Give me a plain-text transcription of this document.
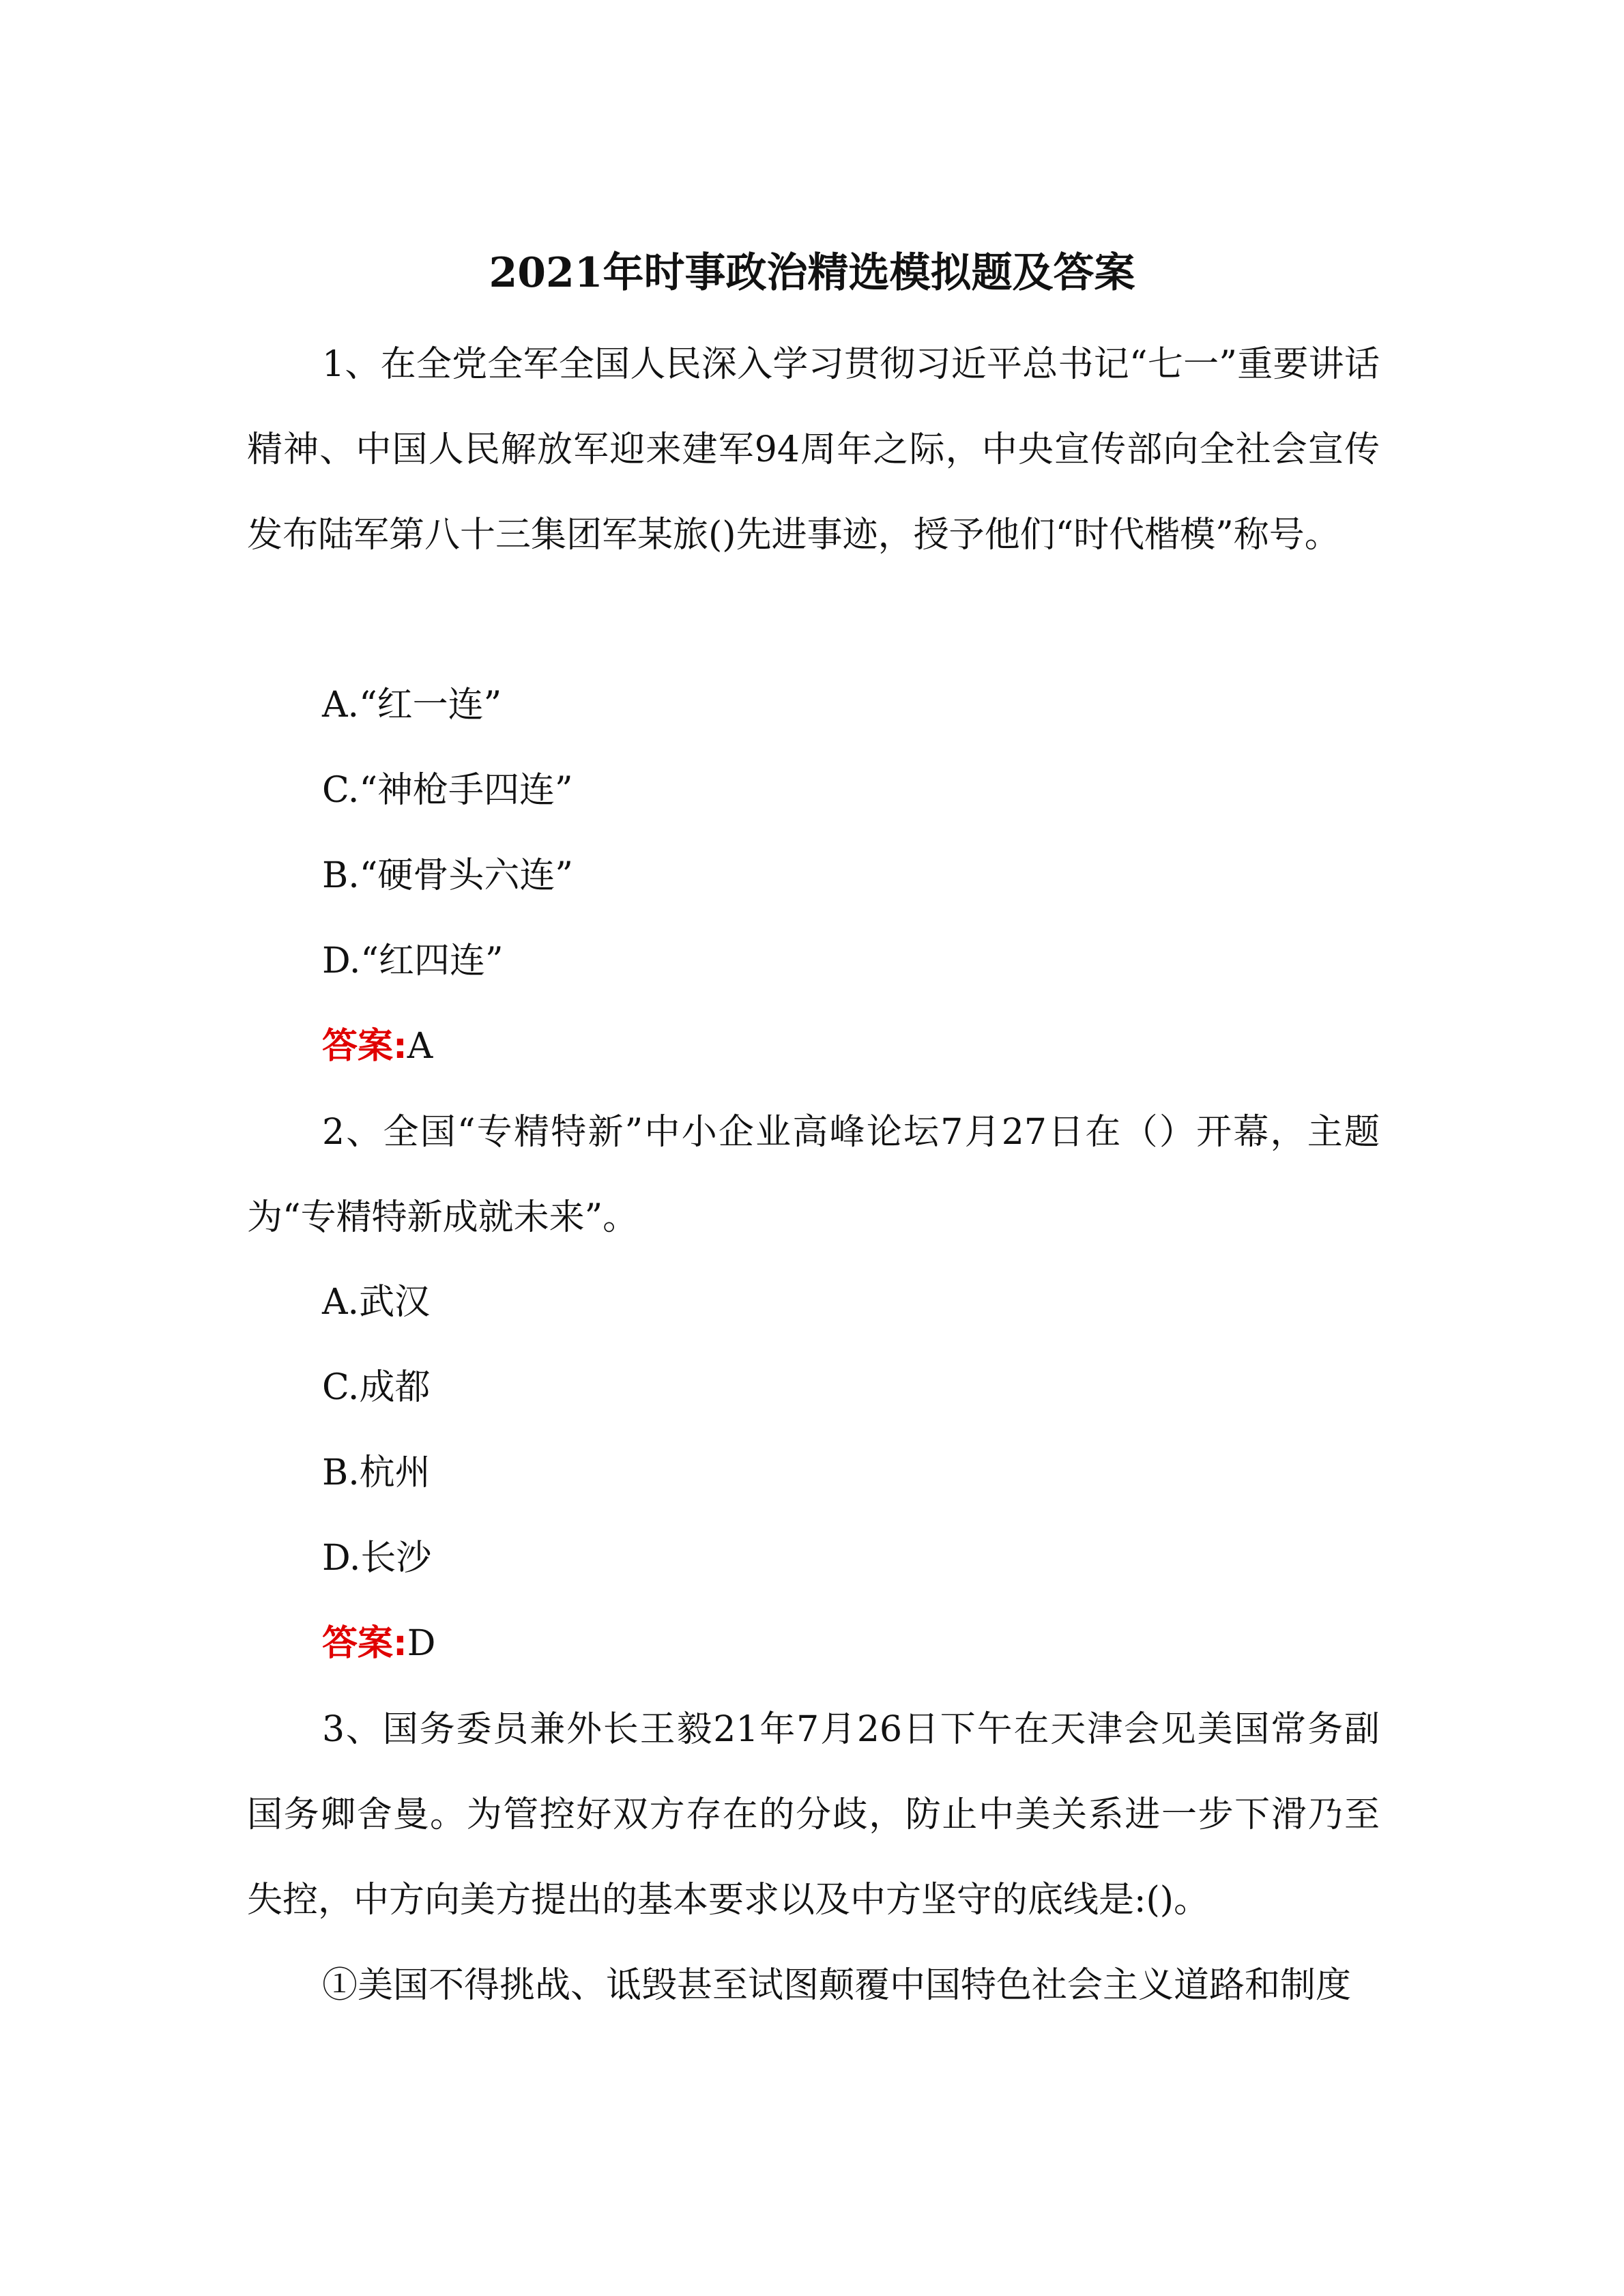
2021年时事政治精选模拟题及答案
1、在全党全军全国人民深入学习贯彻习近平总书记“七一”重要讲话精神、中国人民解放军迎来建军94周年之际，中央宣传部向全社会宣传发布陆军第八十三集团军某旅()先进事迹，授予他们“时代楷模”称号。
A.“红一连”
C.“神枪手四连”
B.“硬骨头六连”
D.“红四连”
答案:A
2、全国“专精特新”中小企业高峰论坛7月27日在（）开幕，主题为“专精特新成就未来”。
A.武汉
C.成都
B.杭州
D.长沙
答案:D
3、国务委员兼外长王毅21年7月26日下午在天津会见美国常务副国务卿舍曼。为管控好双方存在的分歧，防止中美关系进一步下滑乃至失控，中方向美方提出的基本要求以及中方坚守的底线是:()。
①美国不得挑战、诋毁甚至试图颠覆中国特色社会主义道路和制度
